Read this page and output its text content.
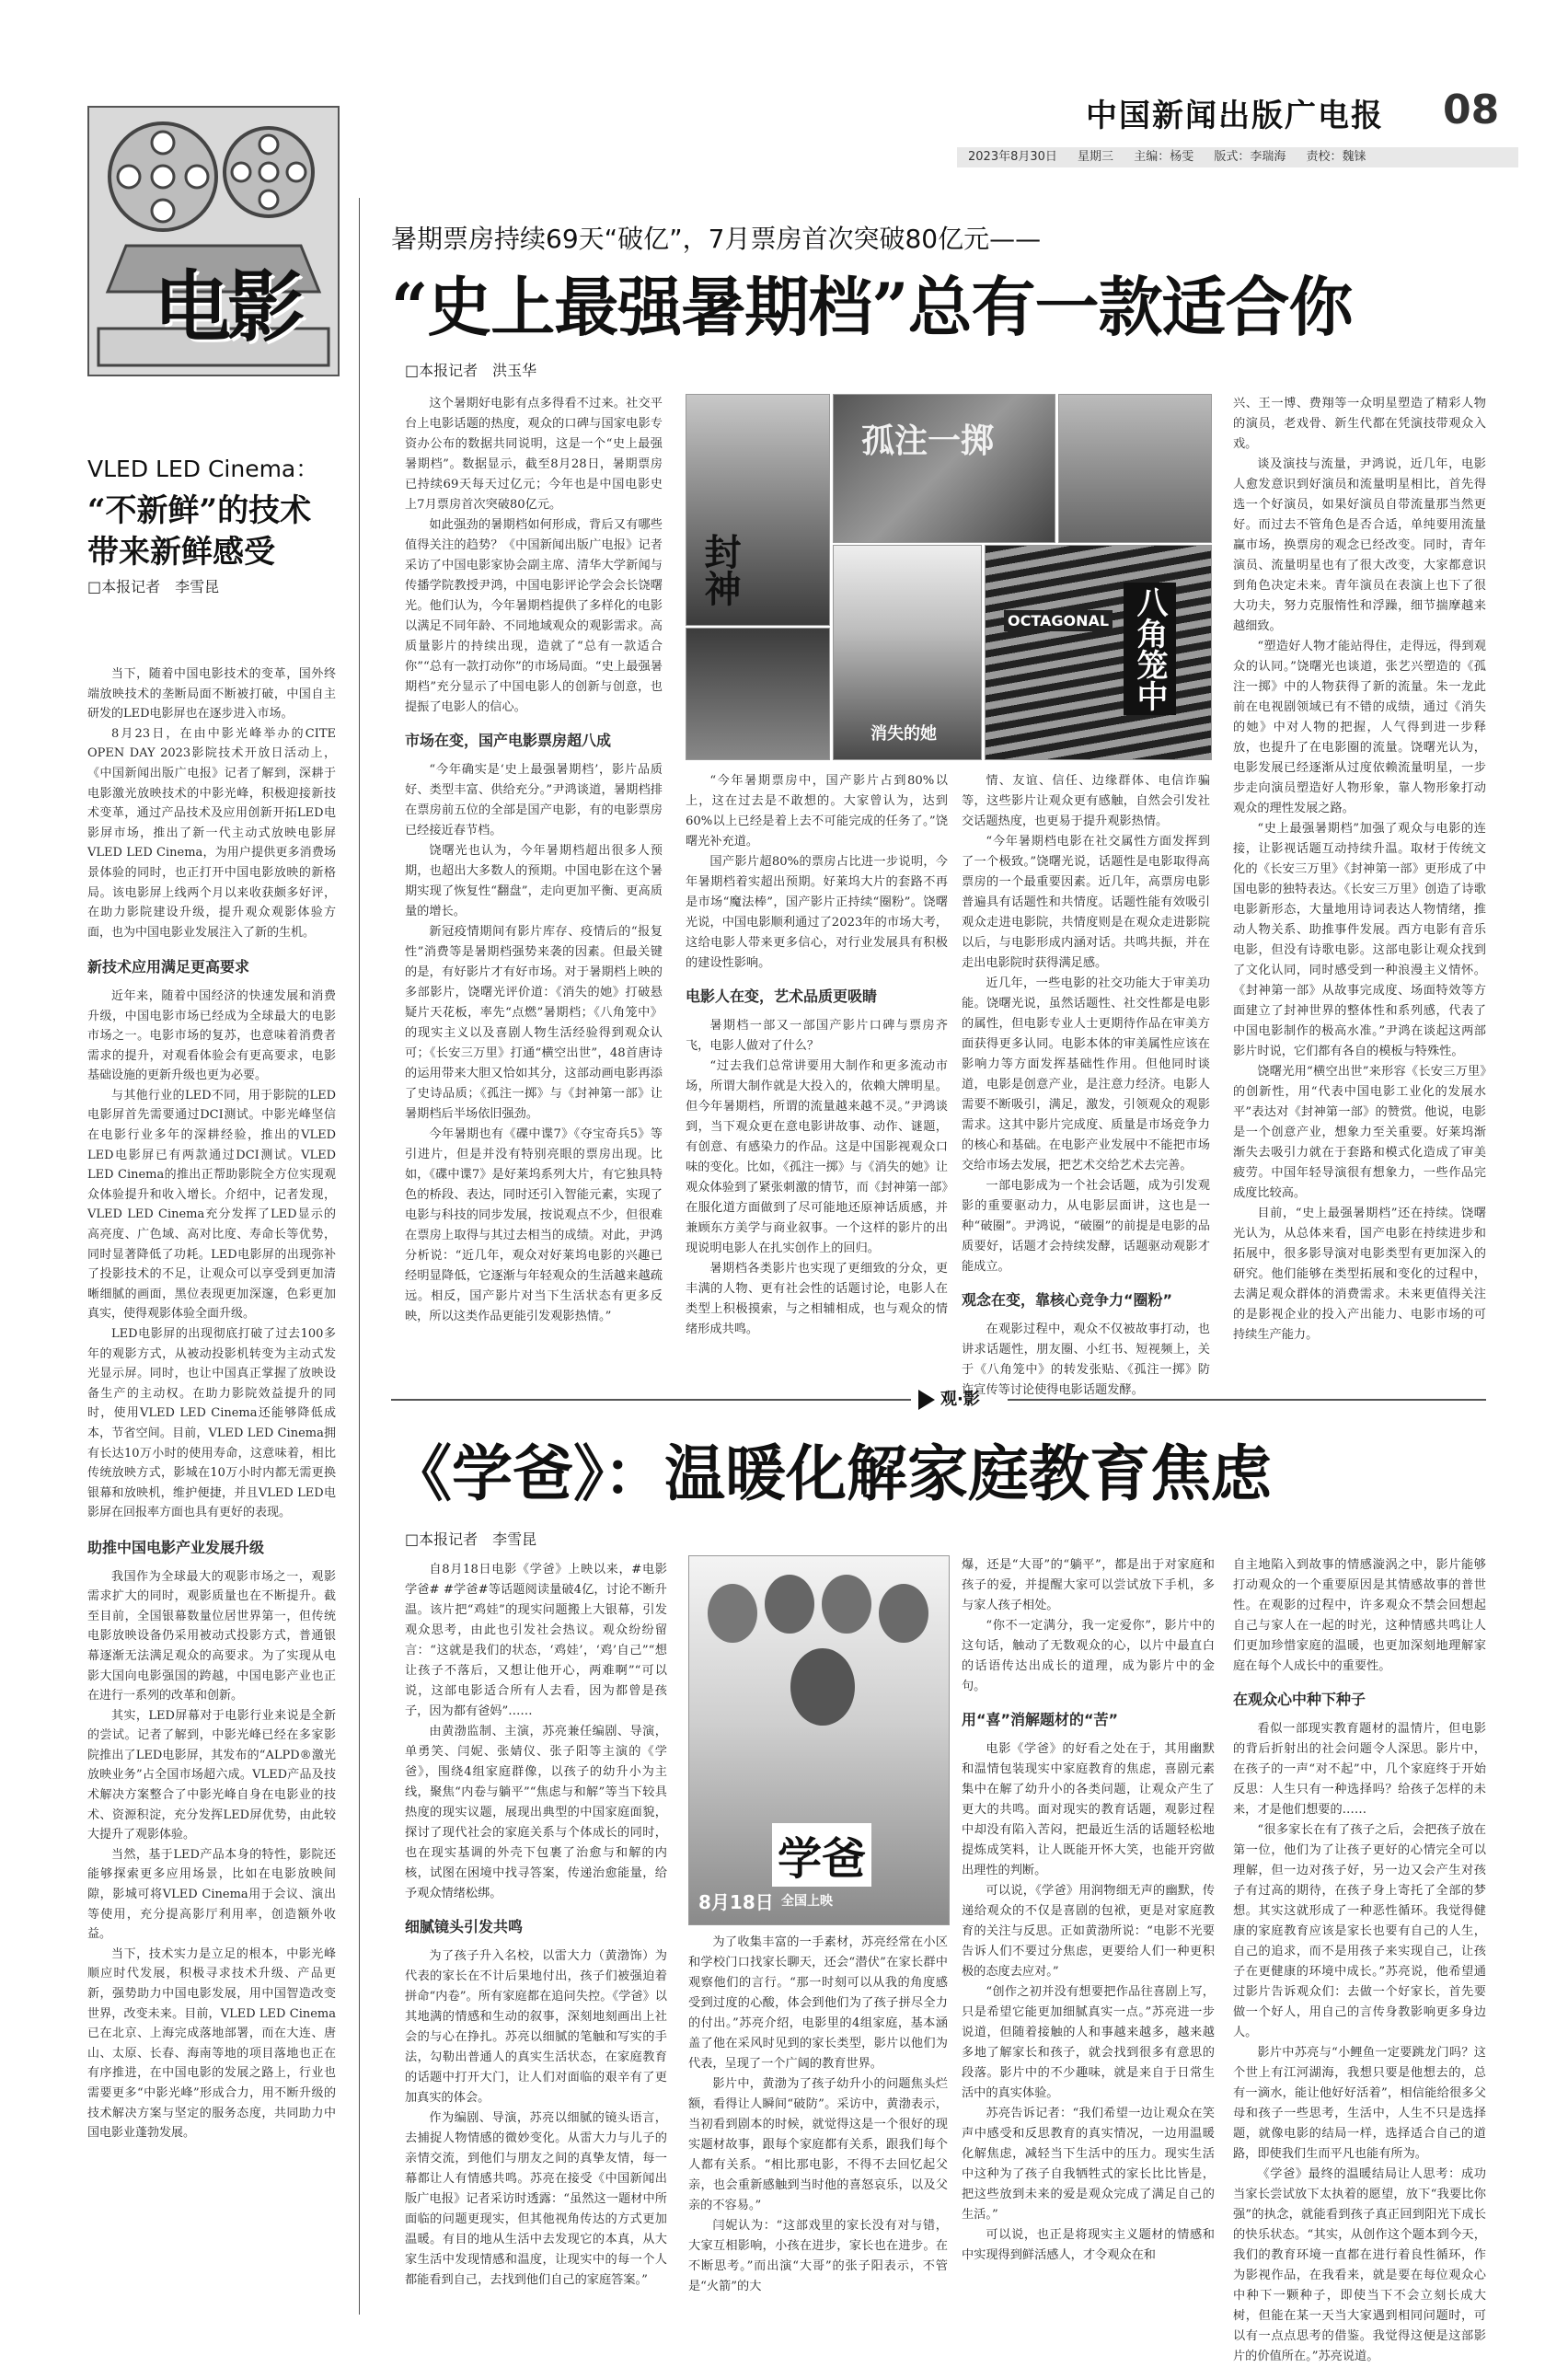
中国新闻出版广电报 08
2023年8月30日 星期三 主编：杨雯 版式：李瑞海 责校：魏铼
电影
VLED LED Cinema：
“不新鲜”的技术
带来新鲜感受
□本报记者　李雪昆

当下，随着中国电影技术的变革，国外终端放映技术的垄断局面不断被打破，中国自主研发的LED电影屏也在逐步进入市场。

8月23日，在由中影光峰举办的CITE OPEN DAY 2023影院技术开放日活动上，《中国新闻出版广电报》记者了解到，深耕于电影激光放映技术的中影光峰，积极迎接新技术变革，通过产品技术及应用创新开拓LED电影屏市场，推出了新一代主动式放映电影屏VLED LED Cinema，为用户提供更多消费场景体验的同时，也正打开中国电影放映的新格局。该电影屏上线两个月以来收获颇多好评，在助力影院建设升级，提升观众观影体验方面，也为中国电影业发展注入了新的生机。

新技术应用满足更高要求

近年来，随着中国经济的快速发展和消费升级，中国电影市场已经成为全球最大的电影市场之一。电影市场的复苏，也意味着消费者需求的提升，对观看体验会有更高要求，电影基础设施的更新升级也更为必要。

与其他行业的LED不同，用于影院的LED电影屏首先需要通过DCI测试。中影光峰坚信在电影行业多年的深耕经验，推出的VLED LED电影屏已有两款通过DCI测试。VLED LED Cinema的推出正帮助影院全方位实现观众体验提升和收入增长。介绍中，记者发现，VLED LED Cinema充分发挥了LED显示的高亮度、广色域、高对比度、寿命长等优势，同时显著降低了功耗。LED电影屏的出现弥补了投影技术的不足，让观众可以享受到更加清晰细腻的画面，黑位表现更加深邃，色彩更加真实，使得观影体验全面升级。

LED电影屏的出现彻底打破了过去100多年的观影方式，从被动投影机转变为主动式发光显示屏。同时，也让中国真正掌握了放映设备生产的主动权。在助力影院效益提升的同时，使用VLED LED Cinema还能够降低成本，节省空间。目前，VLED LED Cinema拥有长达10万小时的使用寿命，这意味着，相比传统放映方式，影城在10万小时内都无需更换银幕和放映机，维护便捷，并且VLED LED电影屏在回报率方面也具有更好的表现。

助推中国电影产业发展升级

我国作为全球最大的观影市场之一，观影需求扩大的同时，观影质量也在不断提升。截至目前，全国银幕数量位居世界第一，但传统电影放映设备仍采用被动式投影方式，普通银幕逐渐无法满足观众的高要求。为了实现从电影大国向电影强国的跨越，中国电影产业也正在进行一系列的改革和创新。

其实，LED屏幕对于电影行业来说是全新的尝试。记者了解到，中影光峰已经在多家影院推出了LED电影屏，其发布的“ALPD®激光放映业务”占全国市场超六成。VLED产品及技术解决方案整合了中影光峰自身在电影业的技术、资源积淀，充分发挥LED屏优势，由此较大提升了观影体验。

当然，基于LED产品本身的特性，影院还能够探索更多应用场景，比如在电影放映间隙，影城可将VLED Cinema用于会议、演出等使用，充分提高影厅利用率，创造额外收益。

当下，技术实力是立足的根本，中影光峰顺应时代发展，积极寻求技术升级、产品更新，强势助力中国电影发展，用中国智造改变世界，改变未来。目前，VLED LED Cinema已在北京、上海完成落地部署，而在大连、唐山、太原、长春、海南等地的项目落地也正在有序推进，在中国电影的发展之路上，行业也需要更多“中影光峰”形成合力，用不断升级的技术解决方案与坚定的服务态度，共同助力中国电影业蓬勃发展。

暑期票房持续69天“破亿”，7月票房首次突破80亿元——
“史上最强暑期档”总有一款适合你
□本报记者　洪玉华

这个暑期好电影有点多得看不过来。社交平台上电影话题的热度，观众的口碑与国家电影专资办公布的数据共同说明，这是一个“史上最强暑期档”。数据显示，截至8月28日，暑期票房已持续69天每天过亿元；今年也是中国电影史上7月票房首次突破80亿元。

如此强劲的暑期档如何形成，背后又有哪些值得关注的趋势？《中国新闻出版广电报》记者采访了中国电影家协会副主席、清华大学新闻与传播学院教授尹鸿，中国电影评论学会会长饶曙光。他们认为，今年暑期档提供了多样化的电影以满足不同年龄、不同地域观众的观影需求。高质量影片的持续出现，造就了“总有一款适合你”“总有一款打动你”的市场局面。“史上最强暑期档”充分显示了中国电影人的创新与创意，也提振了电影人的信心。

市场在变，国产电影票房超八成

“今年确实是‘史上最强暑期档’，影片品质好、类型丰富、供给充分。”尹鸿谈道，暑期档排在票房前五位的全部是国产电影，有的电影票房已经接近春节档。

饶曙光也认为，今年暑期档超出很多人预期，也超出大多数人的预期。中国电影在这个暑期实现了恢复性“翻盘”，走向更加平衡、更高质量的增长。

新冠疫情期间有影片库存、疫情后的“报复性”消费等是暑期档强势来袭的因素。但最关键的是，有好影片才有好市场。对于暑期档上映的多部影片，饶曙光评价道：《消失的她》打破悬疑片天花板，率先“点燃”暑期档；《八角笼中》的现实主义以及喜剧人物生活经验得到观众认可；《长安三万里》打通“横空出世”，48首唐诗的运用带来大胆又恰如其分，这部动画电影再添了史诗品质；《孤注一掷》与《封神第一部》让暑期档后半场依旧强劲。

今年暑期也有《碟中谍7》《夺宝奇兵5》等引进片，但是并没有特别亮眼的票房出现。比如，《碟中谍7》是好莱坞系列大片，有它独具特色的桥段、表达，同时还引入智能元素，实现了电影与科技的同步发展，按说观点不少，但很难在票房上取得与其过去相当的成绩。对此，尹鸿分析说：“近几年，观众对好莱坞电影的兴趣已经明显降低，它逐渐与年轻观众的生活越来越疏远。相反，国产影片对当下生活状态有更多反映，所以这类作品更能引发观影热情。”

封神
孤注一掷
消失的她
OCTAGONAL 八角笼中

“今年暑期票房中，国产影片占到80%以上，这在过去是不敢想的。大家曾认为，达到60%以上已经是着上去不可能完成的任务了。”饶曙光补充道。

国产影片超80%的票房占比进一步说明，今年暑期档着实超出预期。好莱坞大片的套路不再是市场“魔法棒”，国产影片正持续“圈粉”。饶曙光说，中国电影顺利通过了2023年的市场大考，这给电影人带来更多信心，对行业发展具有积极的建设性影响。

电影人在变，艺术品质更吸睛

暑期档一部又一部国产影片口碑与票房齐飞，电影人做对了什么？

“过去我们总常讲要用大制作和更多流动市场，所谓大制作就是大投入的，依赖大牌明星。但今年暑期档，所谓的流量越来越不灵。”尹鸿谈到，当下观众更在意电影讲故事、动作、谜题，有创意、有感染力的作品。这是中国影视观众口味的变化。比如，《孤注一掷》与《消失的她》让观众体验到了紧张刺激的情节，而《封神第一部》在服化道方面做到了尽可能地还原神话质感，并兼顾东方美学与商业叙事。一个这样的影片的出现说明电影人在扎实创作上的回归。

暑期档各类影片也实现了更细致的分众，更丰满的人物、更有社会性的话题讨论，电影人在类型上积极摸索，与之相辅相成，也与观众的情绪形成共鸣。

情、友谊、信任、边缘群体、电信诈骗等，这些影片让观众更有感触，自然会引发社交话题热度，也更易于提升观影热情。

“今年暑期档电影在社交属性方面发挥到了一个极致。”饶曙光说，话题性是电影取得高票房的一个最重要因素。近几年，高票房电影普遍具有话题性和共情度。话题性能有效吸引观众走进电影院，共情度则是在观众走进影院以后，与电影形成内涵对话。共鸣共振，并在走出电影院时获得满足感。

近几年，一些电影的社交功能大于审美功能。饶曙光说，虽然话题性、社交性都是电影的属性，但电影专业人士更期待作品在审美方面获得更多认同。电影本体的审美属性应该在影响力等方面发挥基础性作用。但他同时谈道，电影是创意产业，是注意力经济。电影人需要不断吸引，满足，激发，引领观众的观影需求。这其中影片完成度、质量是市场竞争力的核心和基础。在电影产业发展中不能把市场交给市场去发展，把艺术交给艺术去完善。

一部电影成为一个社会话题，成为引发观影的重要驱动力，从电影层面讲，这也是一种“破圈”。尹鸿说，“破圈”的前提是电影的品质要好，话题才会持续发酵，话题驱动观影才能成立。

观念在变，靠核心竞争力“圈粉”

在观影过程中，观众不仅被故事打动，也讲求话题性，朋友圈、小红书、短视频上，关于《八角笼中》的转发张贴、《孤注一掷》防诈宣传等讨论使得电影话题发酵。

兴、王一博、费翔等一众明星塑造了精彩人物的演员，老戏骨、新生代都在凭演技带观众入戏。

谈及演技与流量，尹鸿说，近几年，电影人愈发意识到好演员和流量明星相比，首先得选一个好演员，如果好演员自带流量那当然更好。而过去不管角色是否合适，单纯要用流量赢市场，换票房的观念已经改变。同时，青年演员、流量明星也有了很大改变，大家都意识到角色决定未来。青年演员在表演上也下了很大功夫，努力克服惰性和浮躁，细节揣摩越来越细致。

“塑造好人物才能站得住，走得远，得到观众的认同。”饶曙光也谈道，张艺兴塑造的《孤注一掷》中的人物获得了新的流量。朱一龙此前在电视剧领域已有不错的成绩，通过《消失的她》中对人物的把握，人气得到进一步释放，也提升了在电影圈的流量。饶曙光认为，电影发展已经逐渐从过度依赖流量明星，一步步走向演员塑造好人物形象，靠人物形象打动观众的理性发展之路。

“史上最强暑期档”加强了观众与电影的连接，让影视话题互动持续升温。取材于传统文化的《长安三万里》《封神第一部》更形成了中国电影的独特表达。《长安三万里》创造了诗歌电影新形态，大量地用诗词表达人物情绪，推动人物关系、助推事件发展。西方电影有音乐电影，但没有诗歌电影。这部电影让观众找到了文化认同，同时感受到一种浪漫主义情怀。《封神第一部》从故事完成度、场面特效等方面建立了封神世界的整体性和系列感，代表了中国电影制作的极高水准。”尹鸿在谈起这两部影片时说，它们都有各自的模板与特殊性。

饶曙光用“横空出世”来形容《长安三万里》的创新性，用“代表中国电影工业化的发展水平”表达对《封神第一部》的赞赏。他说，电影是一个创意产业，想象力至关重要。好莱坞渐渐失去吸引力就在于套路和模式化造成了审美疲劳。中国年轻导演很有想象力，一些作品完成度比较高。

目前，“史上最强暑期档”还在持续。饶曙光认为，从总体来看，国产电影在持续进步和拓展中，很多影导演对电影类型有更加深入的研究。他们能够在类型拓展和变化的过程中，去满足观众群体的消费需求。未来更值得关注的是影视企业的投入产出能力、电影市场的可持续生产能力。

观·影
《学爸》：温暖化解家庭教育焦虑
□本报记者　李雪昆

自8月18日电影《学爸》上映以来，#电影学爸# #学爸#等话题阅读量破4亿，讨论不断升温。该片把“鸡娃”的现实问题搬上大银幕，引发观众思考，由此也引发社会热议。观众纷纷留言：“这就是我们的状态，‘鸡娃’，‘鸡’自己”“想让孩子不落后，又想让他开心，两难啊”“可以说，这部电影适合所有人去看，因为都曾是孩子，因为都有爸妈”……

由黄渤监制、主演，苏亮兼任编剧、导演，单勇笑、闫妮、张婧仪、张子阳等主演的《学爸》，围绕4组家庭群像，以孩子的幼升小为主线，聚焦“内卷与躺平”“焦虑与和解”等当下较具热度的现实议题，展现出典型的中国家庭面貌，探讨了现代社会的家庭关系与个体成长的同时，也在现实基调的外壳下包裹了治愈与和解的内核，试图在困境中找寻答案，传递治愈能量，给予观众情绪松绑。

细腻镜头引发共鸣

为了孩子升入名校，以雷大力（黄渤饰）为代表的家长在不计后果地付出，孩子们被强迫着拼命“内卷”。所有家庭都在追问失控。《学爸》以其地满的情感和生动的叙事，深刻地刻画出上社会的与心在挣扎。苏亮以细腻的笔触和写实的手法，勾勒出普通人的真实生活状态，在家庭教育的话题中打开大门，让人们对面临的艰辛有了更加真实的体会。

作为编剧、导演，苏亮以细腻的镜头语言，去捕捉人物情感的微妙变化。从雷大力与儿子的亲情交流，到他们与朋友之间的真挚友情，每一幕都让人有情感共鸣。苏亮在接受《中国新闻出版广电报》记者采访时透露：“虽然这一题材中所面临的问题更现实，但其他视角传达的方式更加温暖。有目的地从生活中去发现它的本真，从大家生活中发现情感和温度，让现实中的每一个人都能看到自己，去找到他们自己的家庭答案。”

学爸
8月18日 全国上映

为了收集丰富的一手素材，苏亮经常在小区和学校门口找家长聊天，还会“潜伏”在家长群中观察他们的言行。“那一时刻可以从我的角度感受到过度的心酸，体会到他们为了孩子拼尽全力的付出。”苏亮介绍，电影里的4组家庭，基本涵盖了他在采风时见到的家长类型，影片以他们为代表，呈现了一个广阔的教育世界。

影片中，黄渤为了孩子幼升小的问题焦头烂额，看得让人瞬间“破防”。采访中，黄渤表示，当初看到剧本的时候，就觉得这是一个很好的现实题材故事，跟每个家庭都有关系，跟我们每个人都有关系。“相比那电影，不得不去回忆起父亲，也会重新感触到当时他的喜怒哀乐，以及父亲的不容易。”

闫妮认为：“这部戏里的家长没有对与错，大家互相影响，小孩在进步，家长也在进步。在不断思考。”而出演“大哥”的张子阳表示，不管是“火箭”的大

爆，还是“大哥”的“躺平”，都是出于对家庭和孩子的爱，并提醒大家可以尝试放下手机，多与家人孩子相处。

“你不一定满分，我一定爱你”，影片中的这句话，触动了无数观众的心，以片中最直白的话语传达出成长的道理，成为影片中的金句。

用“喜”消解题材的“苦”

电影《学爸》的好看之处在于，其用幽默和温情包装现实中家庭教育的焦虑，喜剧元素集中在解了幼升小的各类问题，让观众产生了更大的共鸣。面对现实的教育话题，观影过程中却没有陷入苦闷，把最近生活的话题轻松地提炼成笑料，让人既能开怀大笑，也能开窍做出理性的判断。

可以说，《学爸》用润物细无声的幽默，传递给观众的不仅是喜剧的包袱，更是对家庭教育的关注与反思。正如黄渤所说：“电影不光要告诉人们不要过分焦虑，更要给人们一种更积极的态度去应对。”

“创作之初并没有想要把作品往喜剧上写，只是希望它能更加细腻真实一点。”苏亮进一步说道，但随着接触的人和事越来越多，越来越多地了解家长和孩子，就会找到很多有意思的段落。影片中的不少趣味，就是来自于日常生活中的真实体验。

苏亮告诉记者：“我们希望一边让观众在笑声中感受和反思教育的真实情况，一边用温暖化解焦虑，减轻当下生活中的压力。现实生活中这种为了孩子自我牺牲式的家长比比皆是，把这些放到未来的爱是观众完成了满足自己的生活。”

可以说，也正是将现实主义题材的情感和中实现得到鲜活感人，才令观众在和

自主地陷入到故事的情感漩涡之中，影片能够打动观众的一个重要原因是其情感故事的普世性。在观影的过程中，许多观众不禁会回想起自己与家人在一起的时光，这种情感共鸣让人们更加珍惜家庭的温暖，也更加深刻地理解家庭在每个人成长中的重要性。

在观众心中种下种子

看似一部现实教育题材的温情片，但电影的背后折射出的社会问题令人深思。影片中，在孩子的一声“对不起”中，几个家庭终于开始反思：人生只有一种选择吗？给孩子怎样的未来，才是他们想要的……

“很多家长在有了孩子之后，会把孩子放在第一位，他们为了让孩子更好的心情完全可以理解，但一边对孩子好，另一边又会产生对孩子有过高的期待，在孩子身上寄托了全部的梦想。其实这就形成了一种恶性循环。我觉得健康的家庭教育应该是家长也要有自己的人生，自己的追求，而不是用孩子来实现自己，让孩子在更健康的环境中成长。”苏亮说，他希望通过影片告诉观众们：去做一个好家长，首先要做一个好人，用自己的言传身教影响更多身边人。

影片中苏亮与“小鲤鱼一定要跳龙门吗？这个世上有江河湖海，我想只要是他想去的，总有一滴水，能让他好好活着”，相信能给很多父母和孩子一些思考，生活中，人生不只是选择题，就像电影的结局一样，选择适合自己的道路，即使我们生而平凡也能有所为。

《学爸》最终的温暖结局让人思考：成功当家长尝试放下太执着的愿望，放下“我要比你强”的执念，就能看到孩子真正回到阳光下成长的快乐状态。“其实，从创作这个题本到今天，我们的教育环境一直都在进行着良性循环，作为影视作品，在我看来，就是要在每位观众心中种下一颗种子，即使当下不会立刻长成大树，但能在某一天当大家遇到相同问题时，可以有一点点思考的借鉴。我觉得这便是这部影片的价值所在。”苏亮说道。
